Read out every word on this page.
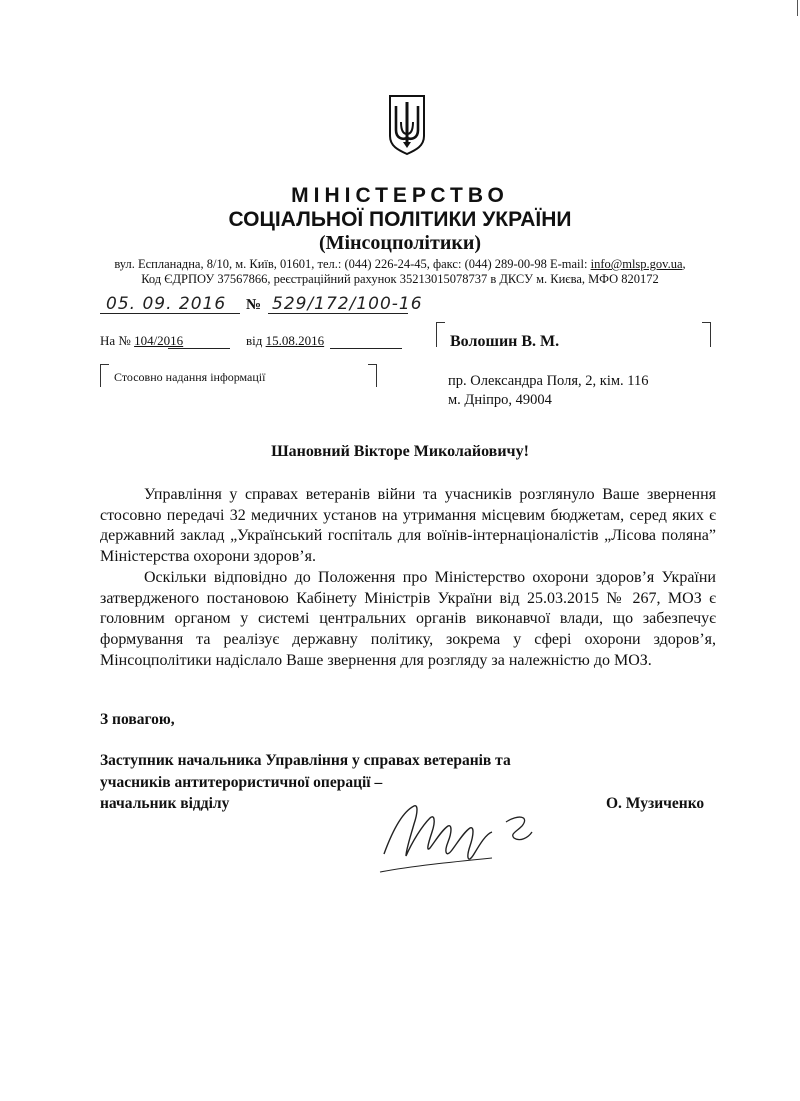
МІНІСТЕРСТВО
СОЦІАЛЬНОЇ ПОЛІТИКИ УКРАЇНИ
(Мінсоцполітики)
вул. Еспланадна, 8/10, м. Київ, 01601, тел.: (044) 226-24-45, факс: (044) 289-00-98 E-mail: info@mlsp.gov.ua,
Код ЄДРПОУ 37567866, реєстраційний рахунок 35213015078737 в ДКСУ м. Києва, МФО 820172
05. 09. 2016 № 529/172/100-16
На № 104/2016	від 15.08.2016
Стосовно надання інформації
Волошин В. М.
пр. Олександра Поля, 2, кім. 116
м. Дніпро, 49004
Шановний Вікторе Миколайовичу!

Управління у справах ветеранів війни та учасників розглянуло Ваше звернення стосовно передачі 32 медичних установ на утримання місцевим бюджетам, серед яких є державний заклад „Український госпіталь для воїнів-інтернаціоналістів „Лісова поляна” Міністерства охорони здоров’я.

Оскільки відповідно до Положення про Міністерство охорони здоров’я України затвердженого постановою Кабінету Міністрів України від 25.03.2015 № 267, МОЗ є головним органом у системі центральних органів виконавчої влади, що забезпечує формування та реалізує державну політику, зокрема у сфері охорони здоров’я, Мінсоцполітики надіслало Ваше звернення для розгляду за належністю до МОЗ.

З повагою,
Заступник начальника Управління у справах ветеранів та
учасників антитерористичної операції –
начальник відділу	О. Музиченко
